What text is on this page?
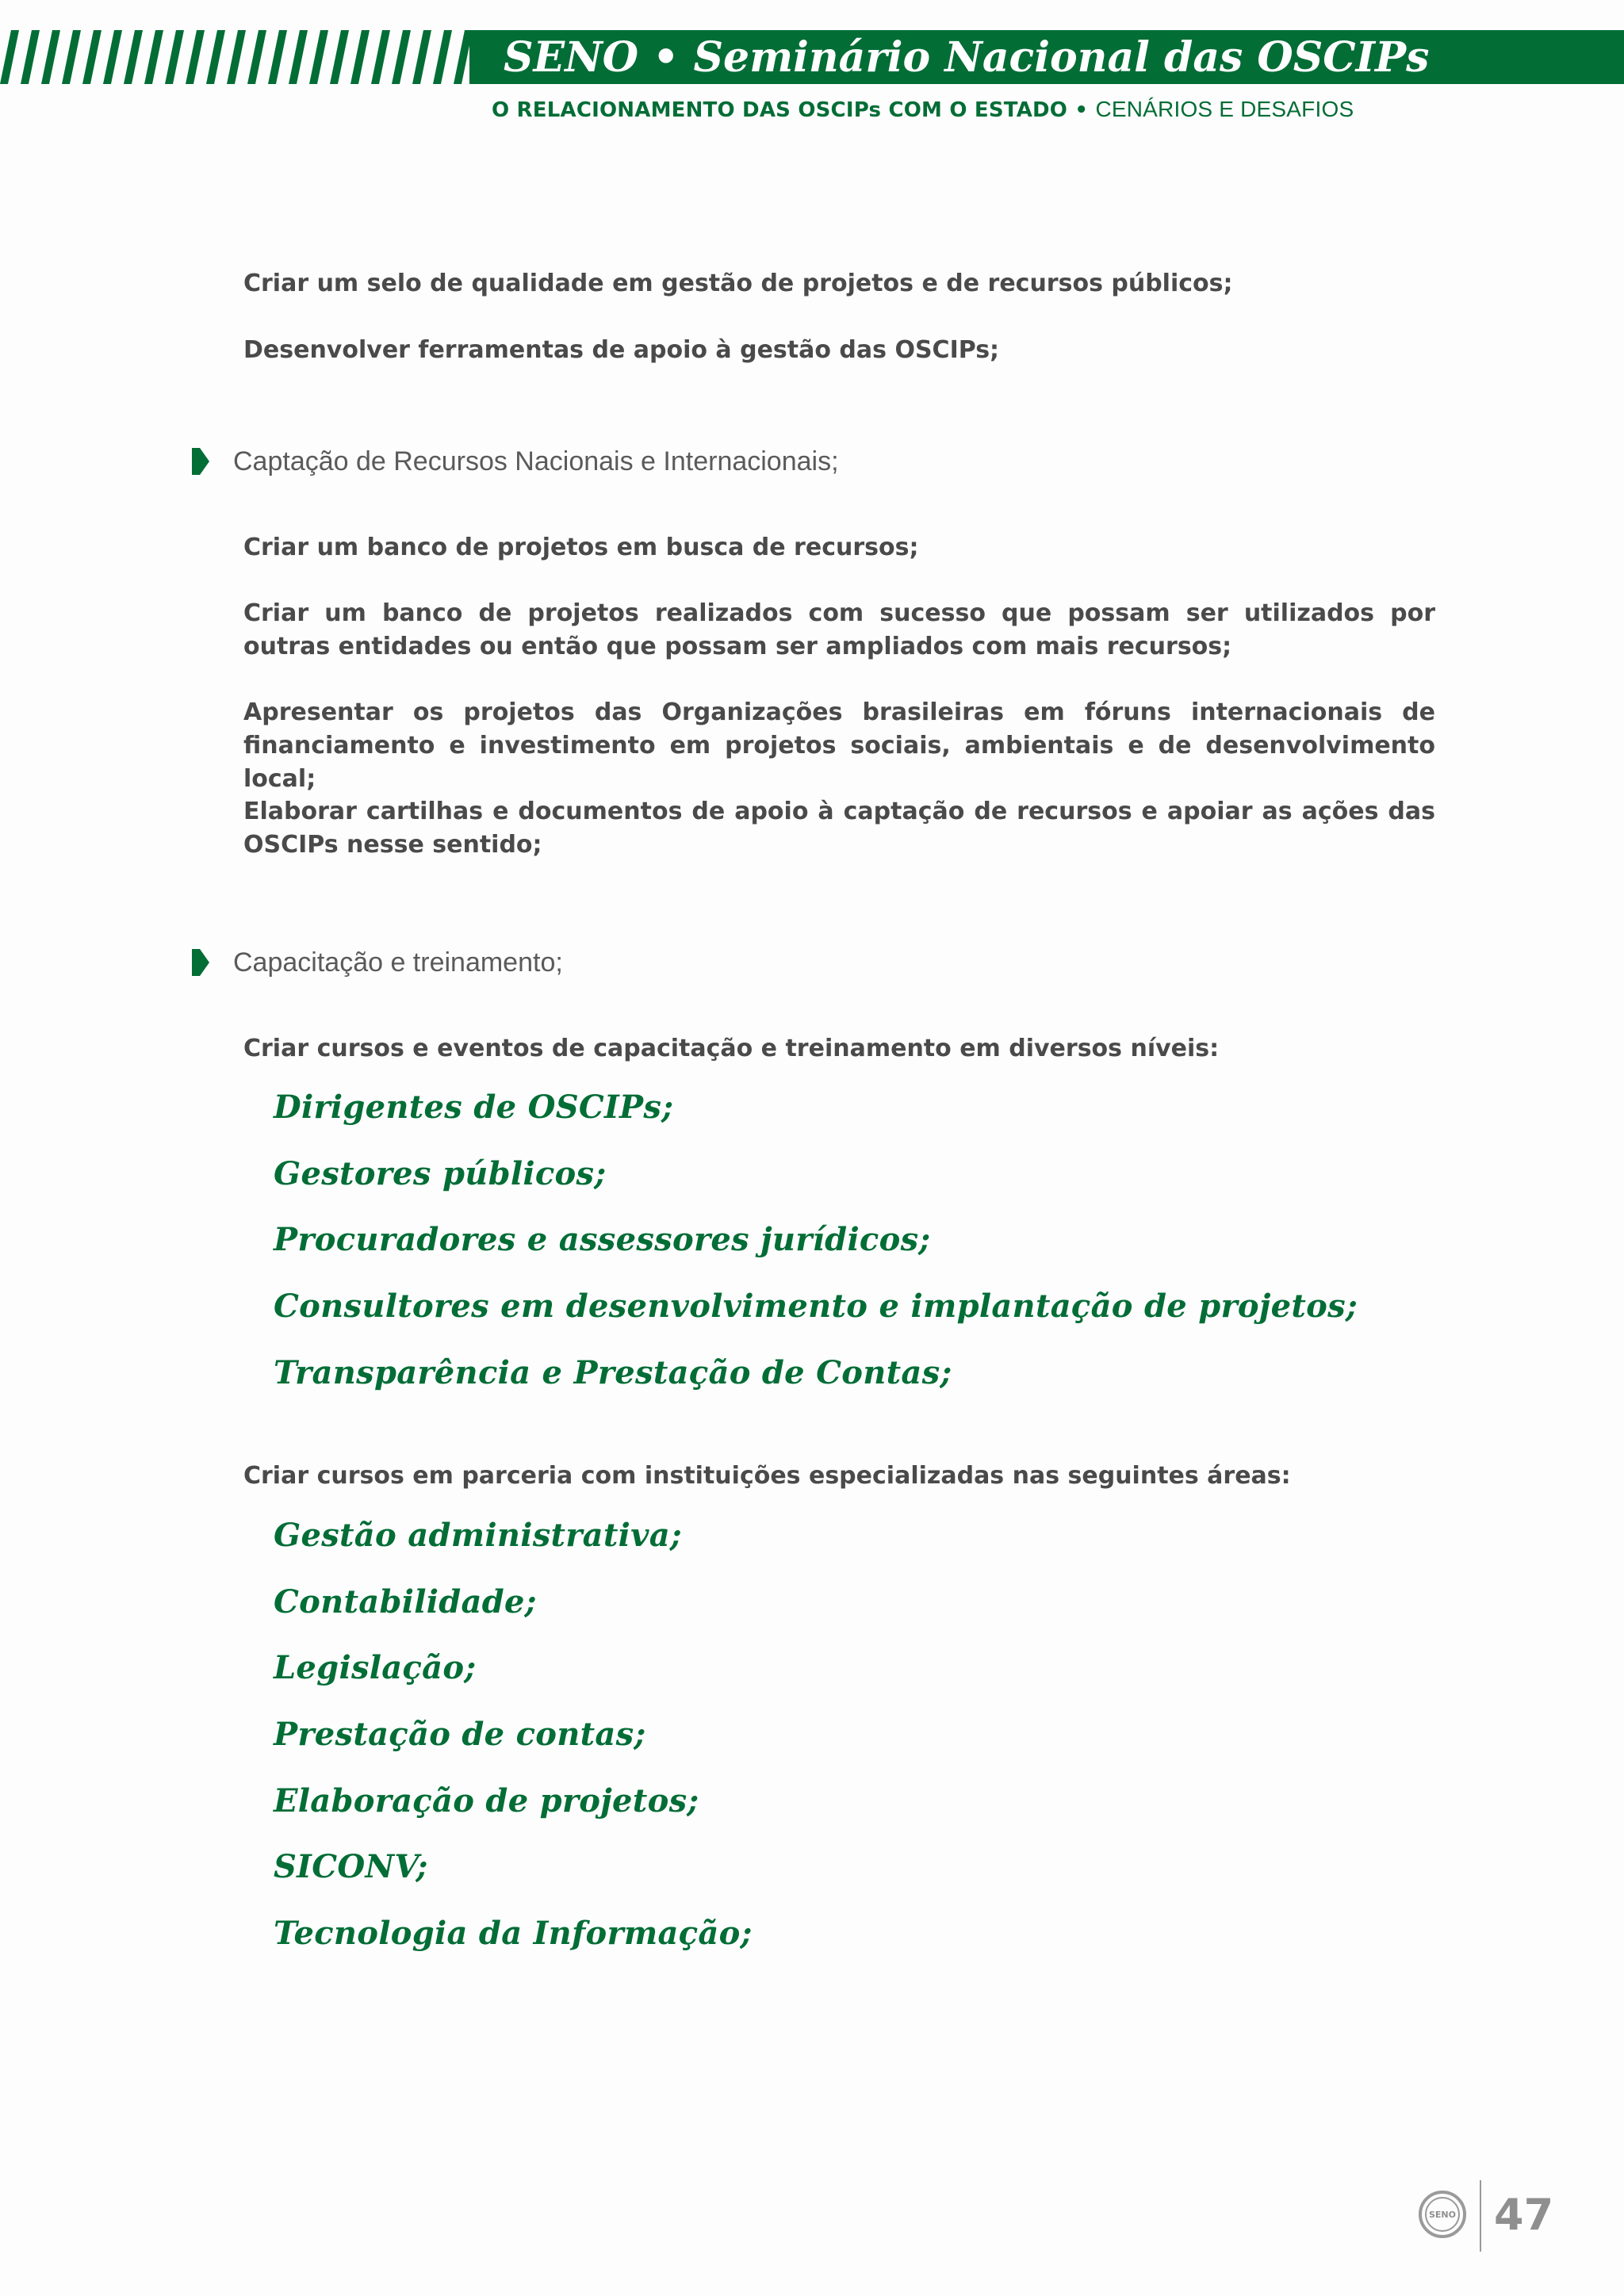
SENO • Seminário Nacional das OSCIPs
O RELACIONAMENTO DAS OSCIPs COM O ESTADO • CENÁRIOS E DESAFIOS
Criar um selo de qualidade em gestão de projetos e de recursos públicos;
Desenvolver ferramentas de apoio à gestão das OSCIPs;
Captação de Recursos Nacionais e Internacionais;
Criar um banco de projetos em busca de recursos;
Criar um banco de projetos realizados com sucesso que possam ser utilizados por outras entidades ou então que possam ser ampliados com mais recursos;
Apresentar os projetos das Organizações brasileiras em fóruns internacionais de financiamento e investimento em projetos sociais, ambientais e de desenvolvimento local;
Elaborar cartilhas e documentos de apoio à captação de recursos e apoiar as ações das OSCIPs nesse sentido;
Capacitação e treinamento;
Criar cursos e eventos de capacitação e treinamento em diversos níveis:
Dirigentes de OSCIPs;
Gestores públicos;
Procuradores e assessores jurídicos;
Consultores em desenvolvimento e implantação de projetos;
Transparência e Prestação de Contas;
Criar cursos em parceria com instituições especializadas nas seguintes áreas:
Gestão administrativa;
Contabilidade;
Legislação;
Prestação de contas;
Elaboração de projetos;
SICONV;
Tecnologia da Informação;
SENO 47
